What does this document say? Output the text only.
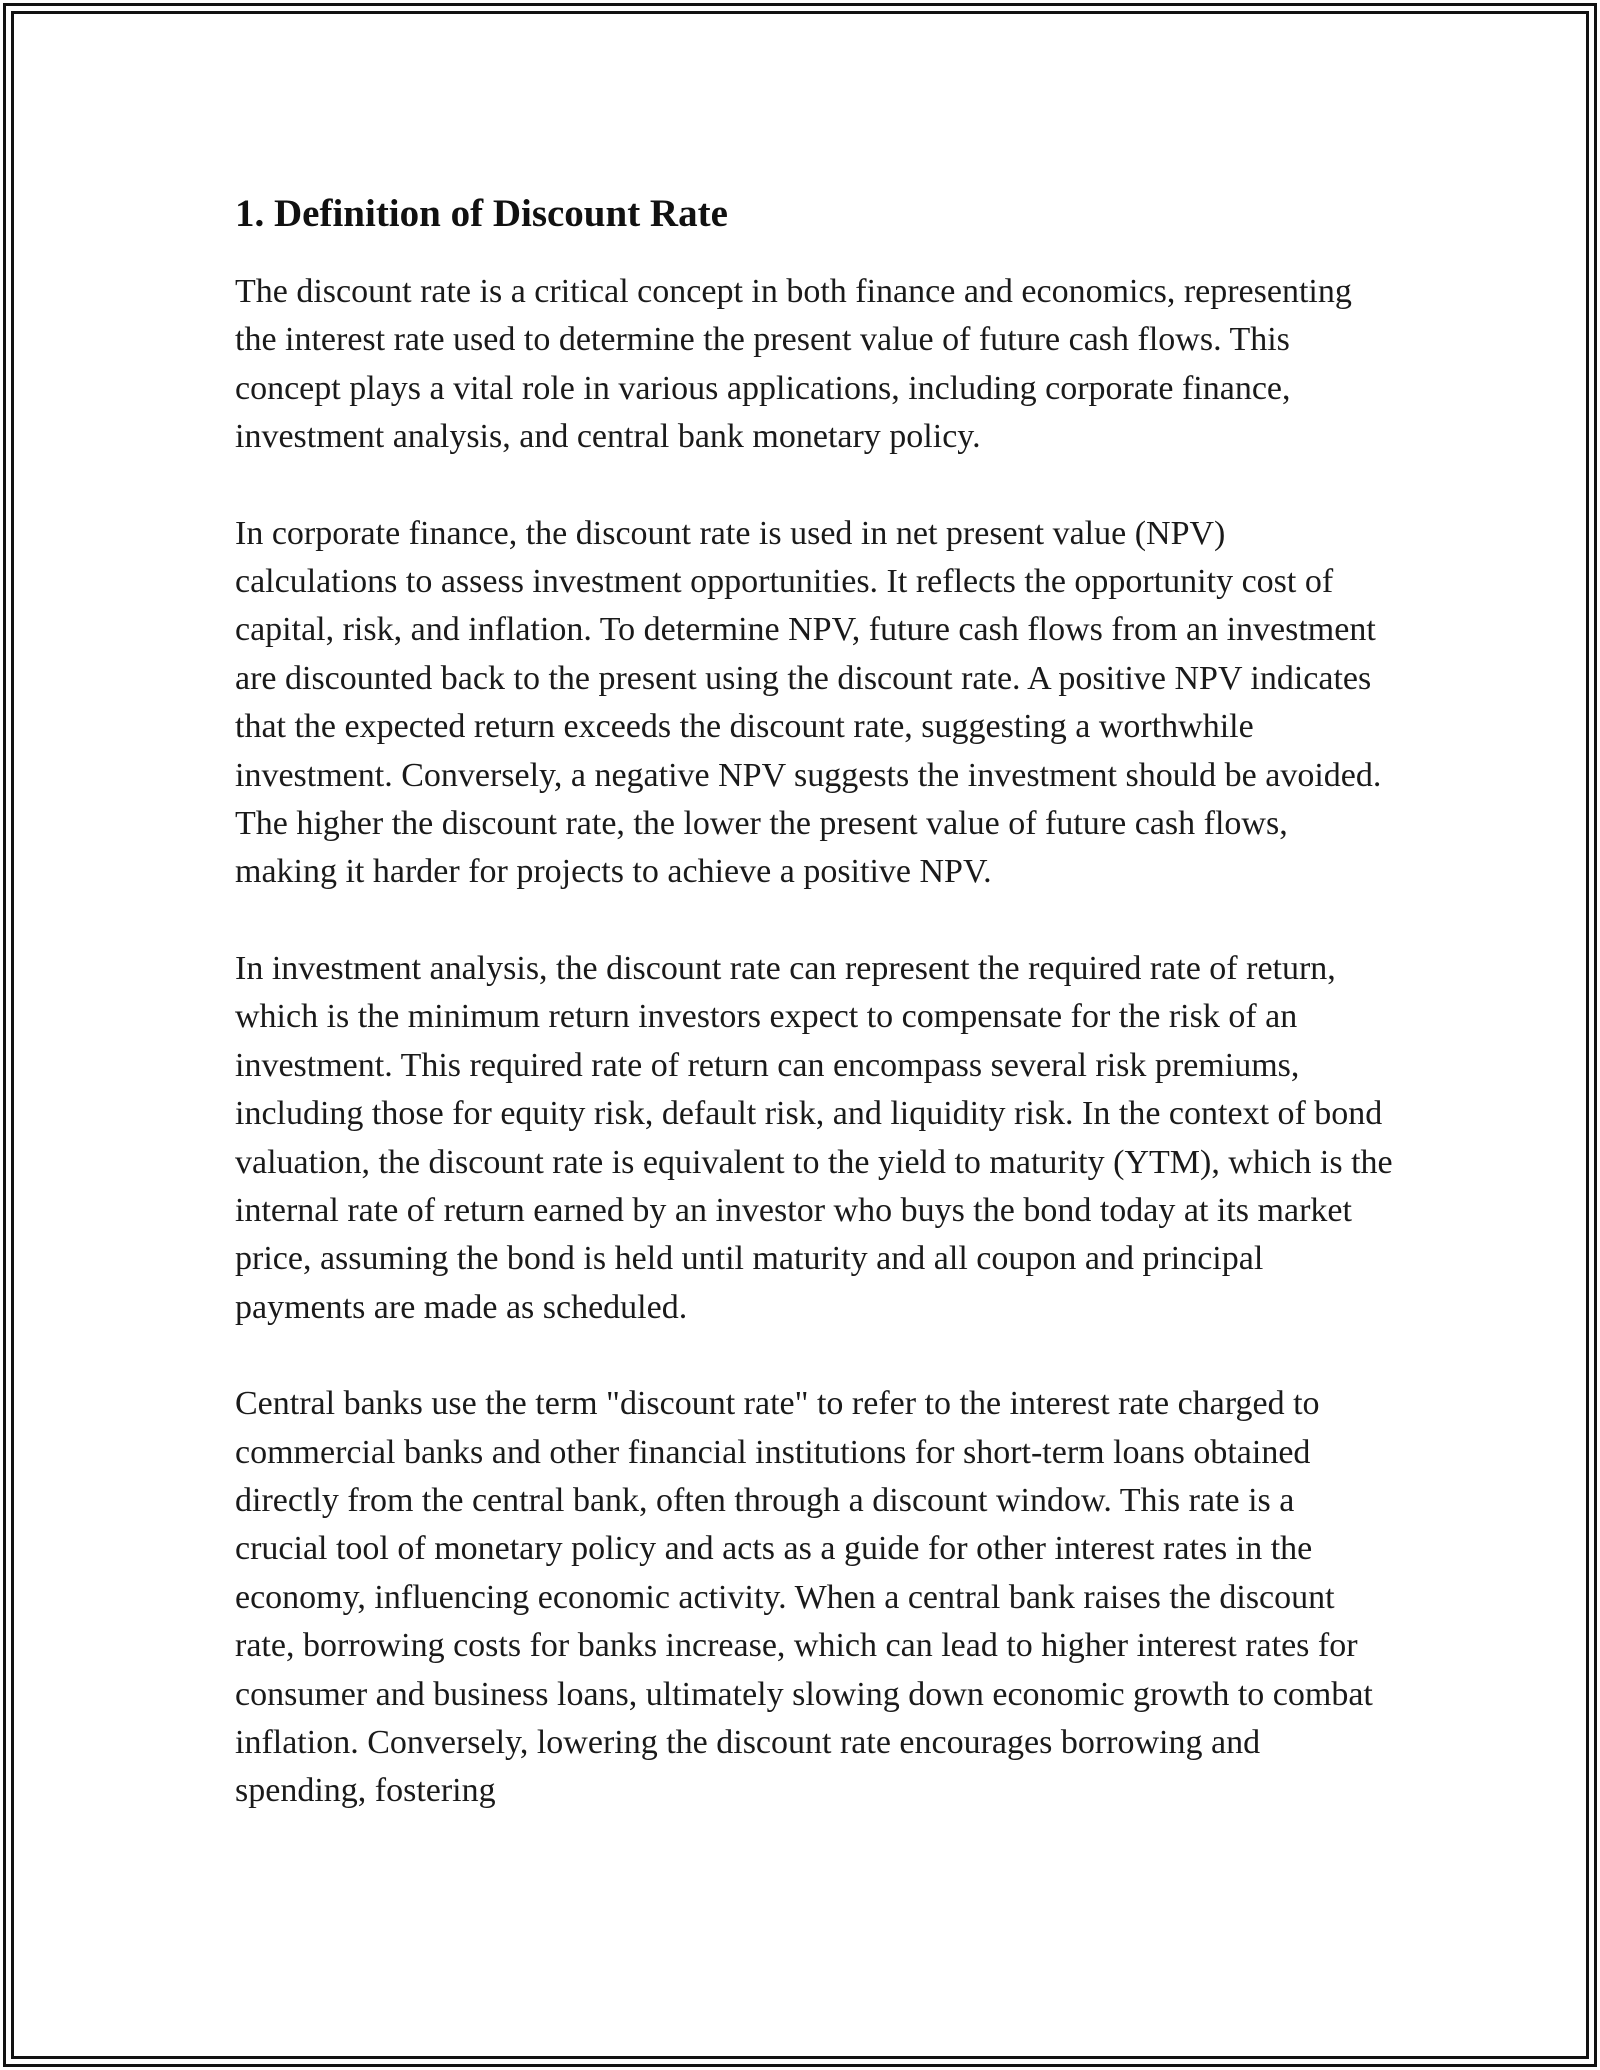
1. Definition of Discount Rate

The discount rate is a critical concept in both finance and economics, representing the interest rate used to determine the present value of future cash flows. This concept plays a vital role in various applications, including corporate finance, investment analysis, and central bank monetary policy.

In corporate finance, the discount rate is used in net present value (NPV) calculations to assess investment opportunities. It reflects the opportunity cost of capital, risk, and inflation. To determine NPV, future cash flows from an investment are discounted back to the present using the discount rate. A positive NPV indicates that the expected return exceeds the discount rate, suggesting a worthwhile investment. Conversely, a negative NPV suggests the investment should be avoided. The higher the discount rate, the lower the present value of future cash flows, making it harder for projects to achieve a positive NPV.

In investment analysis, the discount rate can represent the required rate of return, which is the minimum return investors expect to compensate for the risk of an investment. This required rate of return can encompass several risk premiums, including those for equity risk, default risk, and liquidity risk. In the context of bond valuation, the discount rate is equivalent to the yield to maturity (YTM), which is the internal rate of return earned by an investor who buys the bond today at its market price, assuming the bond is held until maturity and all coupon and principal payments are made as scheduled.

Central banks use the term "discount rate" to refer to the interest rate charged to commercial banks and other financial institutions for short-term loans obtained directly from the central bank, often through a discount window. This rate is a crucial tool of monetary policy and acts as a guide for other interest rates in the economy, influencing economic activity. When a central bank raises the discount rate, borrowing costs for banks increase, which can lead to higher interest rates for consumer and business loans, ultimately slowing down economic growth to combat inflation. Conversely, lowering the discount rate encourages borrowing and spending, fostering
